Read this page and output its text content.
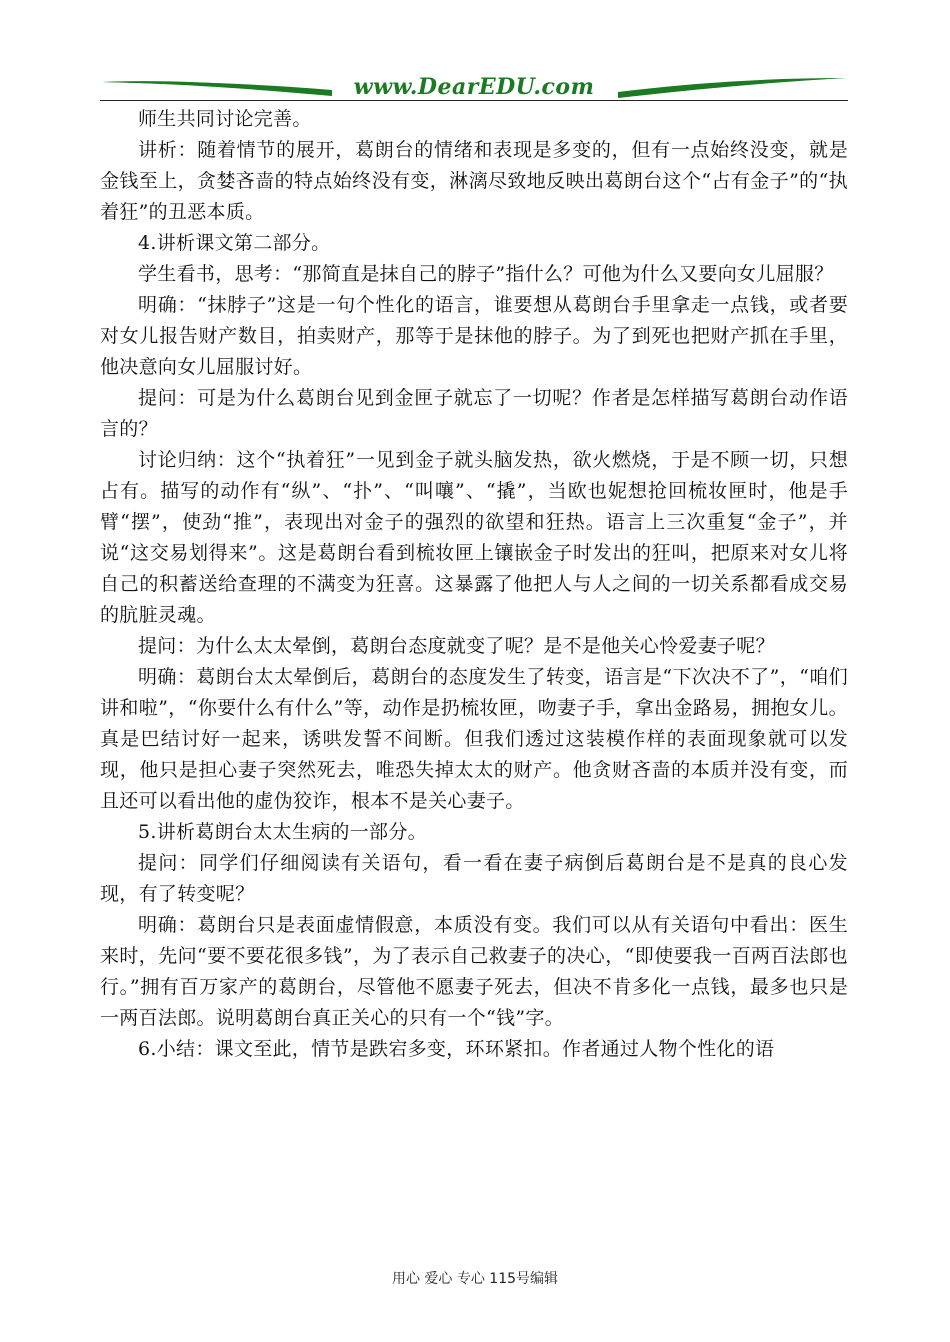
www.DearEDU.com

师生共同讨论完善。

讲析：随着情节的展开，葛朗台的情绪和表现是多变的，但有一点始终没变，就是金钱至上，贪婪吝啬的特点始终没有变，淋漓尽致地反映出葛朗台这个“占有金子”的“执着狂”的丑恶本质。

4.讲析课文第二部分。

学生看书，思考：“那简直是抹自己的脖子”指什么？可他为什么又要向女儿屈服？

明确：“抹脖子”这是一句个性化的语言，谁要想从葛朗台手里拿走一点钱，或者要对女儿报告财产数目，拍卖财产，那等于是抹他的脖子。为了到死也把财产抓在手里，他决意向女儿屈服讨好。

提问：可是为什么葛朗台见到金匣子就忘了一切呢？作者是怎样描写葛朗台动作语言的？

讨论归纳：这个“执着狂”一见到金子就头脑发热，欲火燃烧，于是不顾一切，只想占有。描写的动作有“纵”、“扑”、“叫嚷”、“撬”，当欧也妮想抢回梳妆匣时，他是手臂“摆”，使劲“推”，表现出对金子的强烈的欲望和狂热。语言上三次重复“金子”，并说“这交易划得来”。这是葛朗台看到梳妆匣上镶嵌金子时发出的狂叫，把原来对女儿将自己的积蓄送给查理的不满变为狂喜。这暴露了他把人与人之间的一切关系都看成交易的肮脏灵魂。

提问：为什么太太晕倒，葛朗台态度就变了呢？是不是他关心怜爱妻子呢？

明确：葛朗台太太晕倒后，葛朗台的态度发生了转变，语言是“下次决不了”，“咱们讲和啦”，“你要什么有什么”等，动作是扔梳妆匣，吻妻子手，拿出金路易，拥抱女儿。真是巴结讨好一起来，诱哄发誓不间断。但我们透过这装模作样的表面现象就可以发现，他只是担心妻子突然死去，唯恐失掉太太的财产。他贪财吝啬的本质并没有变，而且还可以看出他的虚伪狡诈，根本不是关心妻子。

5.讲析葛朗台太太生病的一部分。

提问：同学们仔细阅读有关语句，看一看在妻子病倒后葛朗台是不是真的良心发现，有了转变呢？

明确：葛朗台只是表面虚情假意，本质没有变。我们可以从有关语句中看出：医生来时，先问“要不要花很多钱”，为了表示自己救妻子的决心，“即使要我一百两百法郎也行。”拥有百万家产的葛朗台，尽管他不愿妻子死去，但决不肯多化一点钱，最多也只是一两百法郎。说明葛朗台真正关心的只有一个“钱”字。

6.小结：课文至此，情节是跌宕多变，环环紧扣。作者通过人物个性化的语

用心 爱心 专心 115号编辑
